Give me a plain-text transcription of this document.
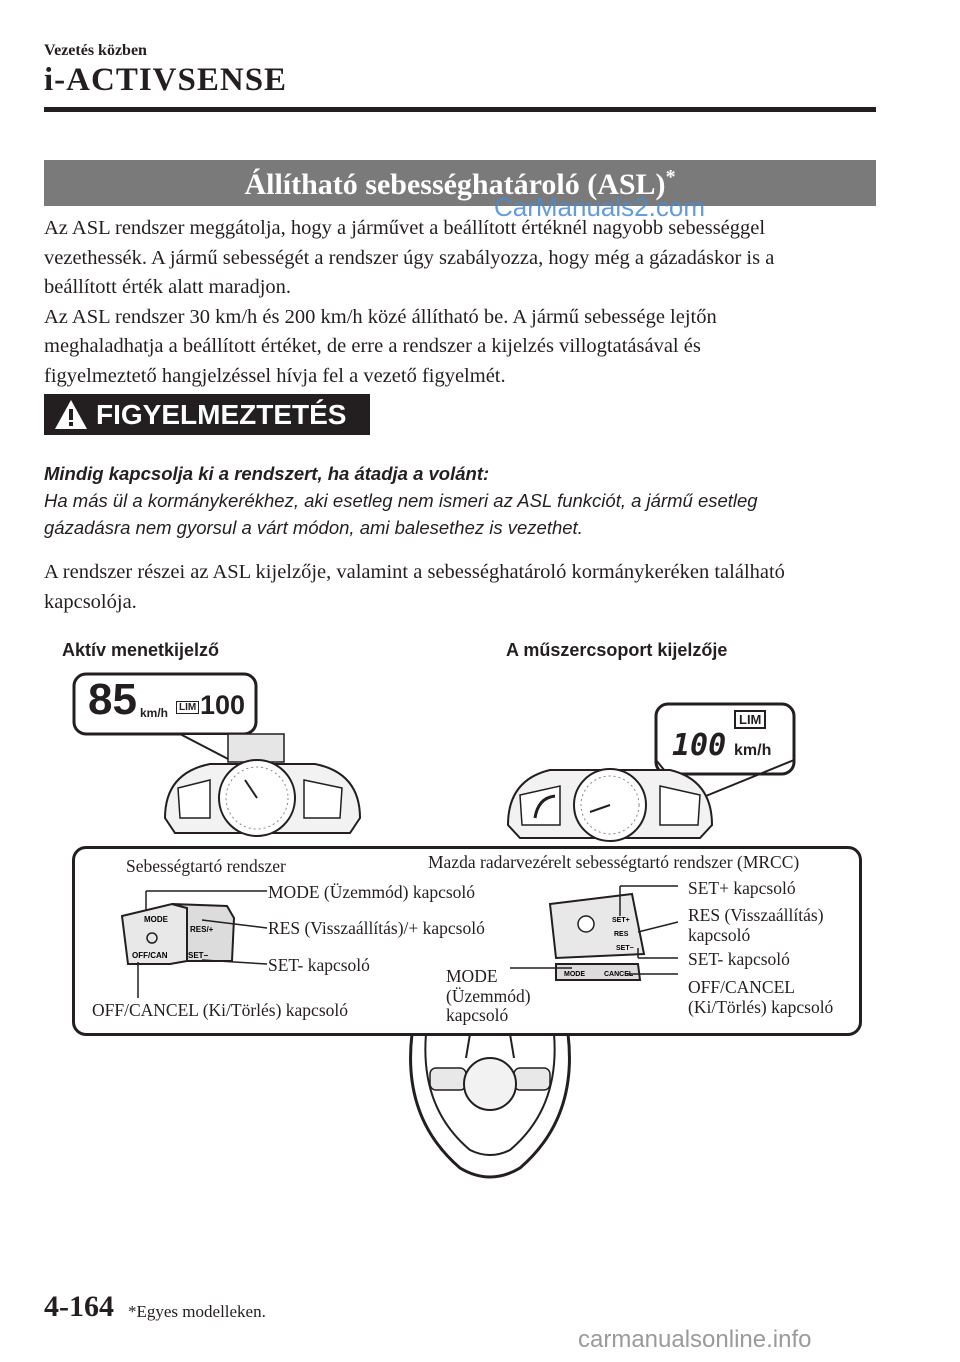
Vezetés közben
i-ACTIVSENSE
Állítható sebességhatároló (ASL)*
CarManuals2.com

Az ASL rendszer meggátolja, hogy a járművet a beállított értéknél nagyobb sebességgel

vezethessék. A jármű sebességét a rendszer úgy szabályozza, hogy még a gázadáskor is a

beállított érték alatt maradjon.

Az ASL rendszer 30 km/h és 200 km/h közé állítható be. A jármű sebessége lejtőn

meghaladhatja a beállított értéket, de erre a rendszer a kijelzés villogtatásával és

figyelmeztető hangjelzéssel hívja fel a vezető figyelmét.

FIGYELMEZTETÉS
Mindig kapcsolja ki a rendszert, ha átadja a volánt:
Ha más ül a kormánykerékhez, aki esetleg nem ismeri az ASL funkciót, a jármű esetleg
gázadásra nem gyorsul a várt módon, ami balesethez is vezethet.

A rendszer részei az ASL kijelzője, valamint a sebességhatároló kormánykeréken található

kapcsolója.

Aktív menetkijelző	A műszercsoport kijelzője
85 km/h	LIM 100	LIM
100 km/h
MODE
RES/+
OFF/CAN	SET−
SET+
RES
SET−
MODE	CANCEL
Sebességtartó rendszer
MODE (Üzemmód) kapcsoló
RES (Visszaállítás)/+ kapcsoló
SET- kapcsoló
OFF/CANCEL (Ki/Törlés) kapcsoló
Mazda radarvezérelt sebességtartó rendszer (MRCC)
SET+ kapcsoló
RES (Visszaállítás)
kapcsoló
SET- kapcsoló
MODE
(Üzemmód)
kapcsoló
OFF/CANCEL
(Ki/Törlés) kapcsoló
4-164 *Egyes modelleken.
carmanualsonline.info
